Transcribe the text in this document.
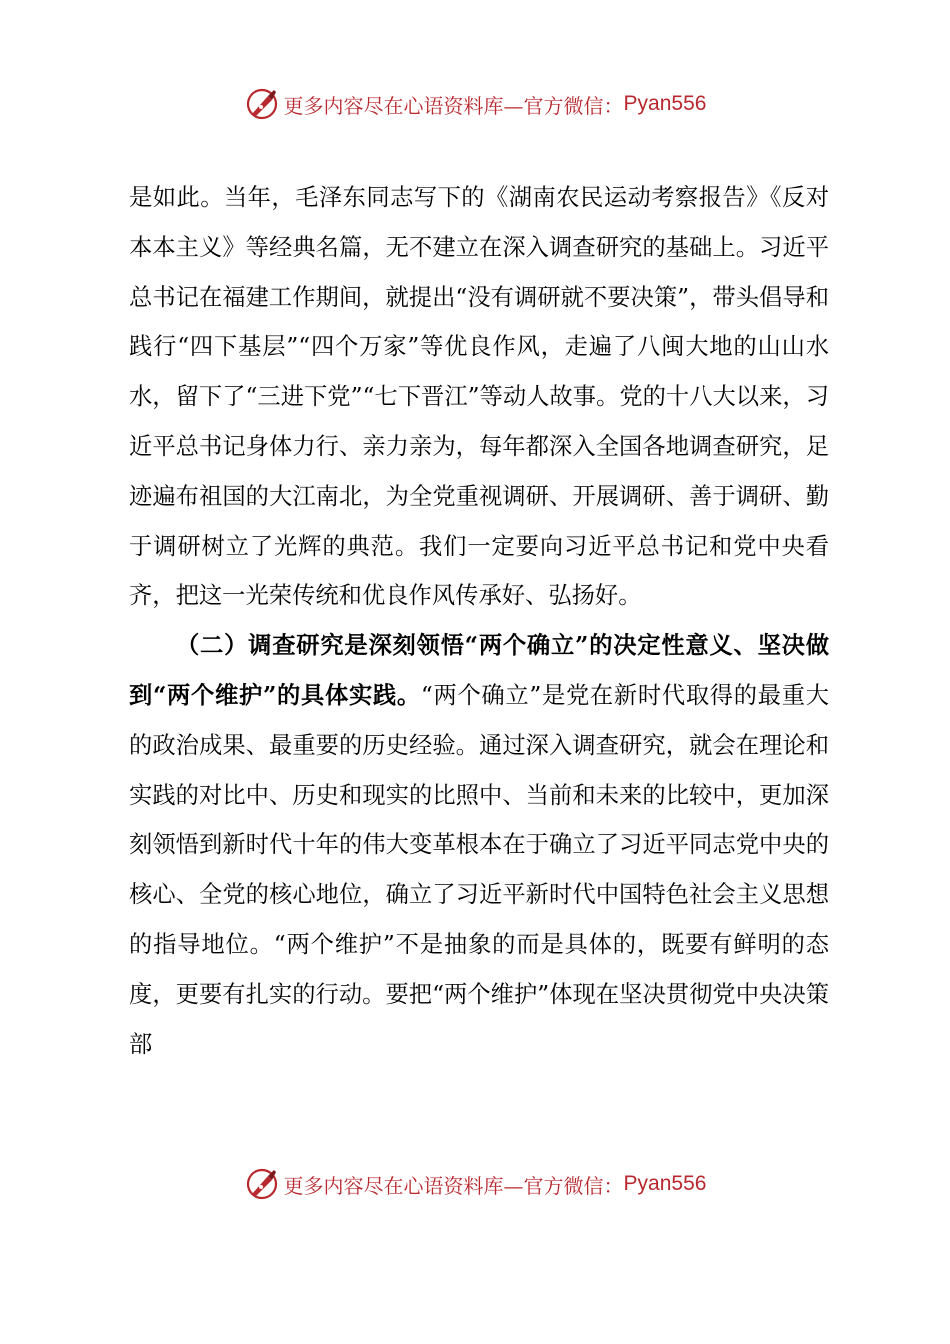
更多内容尽在心语资料库— 官方微信： Pyan556

是如此。当年，毛泽东同志写下的《湖南农民运动考察报告》《反对本本主义》等经典名篇，无不建立在深入调查研究的基础上。习近平总书记在福建工作期间，就提出“没有调研就不要决策”，带头倡导和践行“四下基层”“四个万家”等优良作风，走遍了八闽大地的山山水水，留下了“三进下党”“七下晋江”等动人故事。党的十八大以来，习近平总书记身体力行、亲力亲为，每年都深入全国各地调查研究，足迹遍布祖国的大江南北，为全党重视调研、开展调研、善于调研、勤于调研树立了光辉的典范。我们一定要向习近平总书记和党中央看齐，把这一光荣传统和优良作风传承好、弘扬好。

（二）调查研究是深刻领悟“两个确立”的决定性意义、坚决做到“两个维护”的具体实践。“两个确立”是党在新时代取得的最重大的政治成果、最重要的历史经验。通过深入调查研究，就会在理论和实践的对比中、历史和现实的比照中、当前和未来的比较中，更加深刻领悟到新时代十年的伟大变革根本在于确立了习近平同志党中央的核心、全党的核心地位，确立了习近平新时代中国特色社会主义思想的指导地位。“两个维护”不是抽象的而是具体的，既要有鲜明的态度，更要有扎实的行动。要把“两个维护”体现在坚决贯彻党中央决策部

更多内容尽在心语资料库— 官方微信： Pyan556
